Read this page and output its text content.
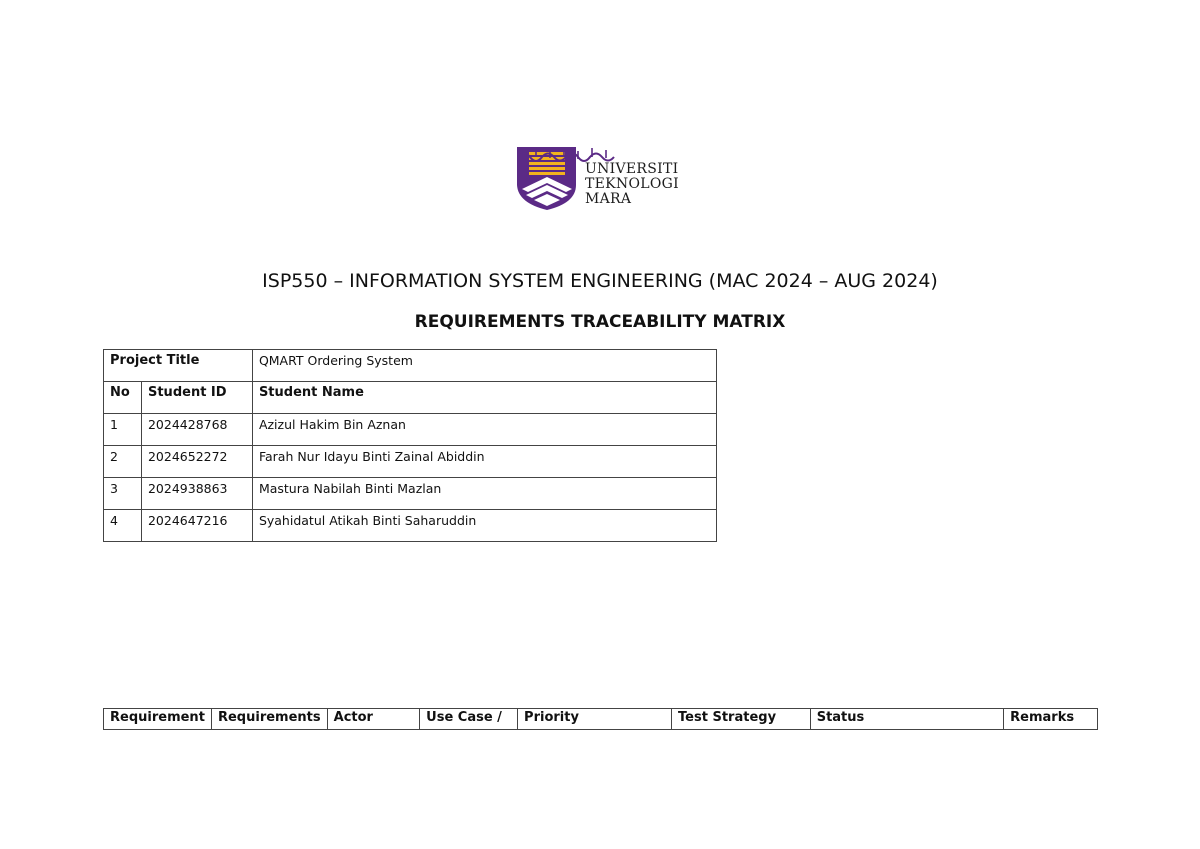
UNIVERSITI
TEKNOLOGI
MARA
ISP550 – INFORMATION SYSTEM ENGINEERING (MAC 2024 – AUG 2024)
REQUIREMENTS TRACEABILITY MATRIX
Project Title		QMART Ordering System
No	Student ID	Student Name
1	2024428768	Azizul Hakim Bin Aznan
2	2024652272	Farah Nur Idayu Binti Zainal Abiddin
3	2024938863	Mastura Nabilah Binti Mazlan
4	2024647216	Syahidatul Atikah Binti Saharuddin
Requirement	Requirements	Actor	Use Case /	Priority	Test Strategy	Status	Remarks
